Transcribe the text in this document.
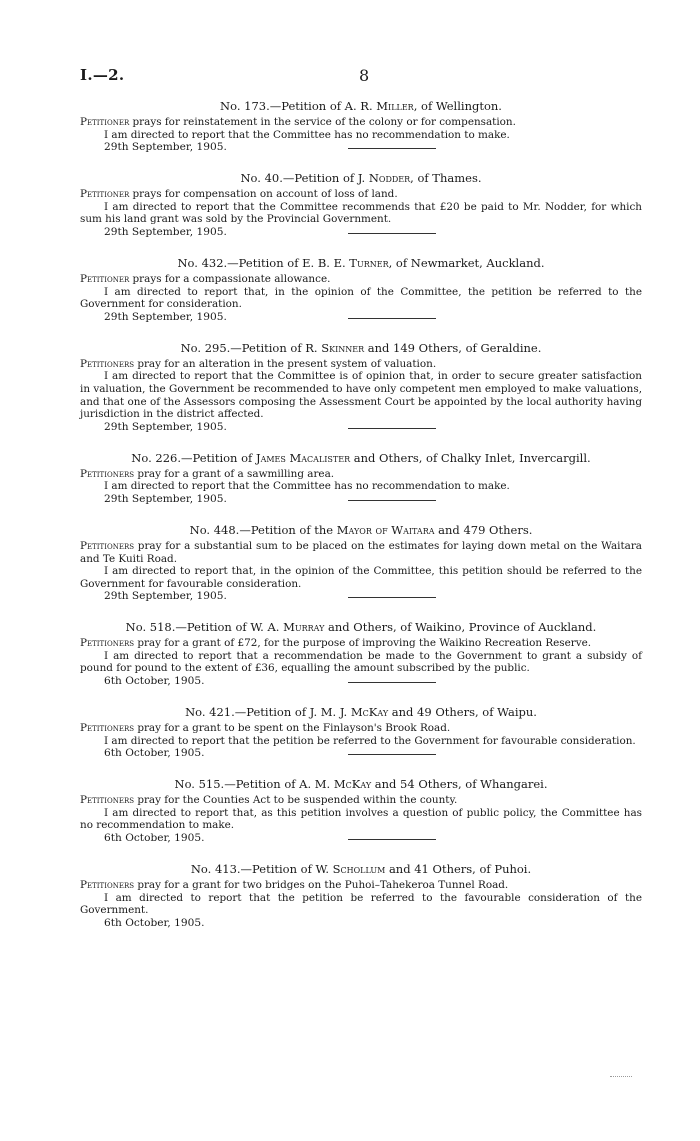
I.—2.	8
No. 173.—Petition of A. R. Miller, of Wellington.
Petitioner prays for reinstatement in the service of the colony or for compensation.
I am directed to report that the Committee has no recommendation to make.
29th September, 1905.
No. 40.—Petition of J. Nodder, of Thames.
Petitioner prays for compensation on account of loss of land.
I am directed to report that the Committee recommends that £20 be paid to Mr. Nodder, for which sum his land grant was sold by the Provincial Government.
29th September, 1905.
No. 432.—Petition of E. B. E. Turner, of Newmarket, Auckland.
Petitioner prays for a compassionate allowance.
I am directed to report that, in the opinion of the Committee, the petition be referred to the Government for consideration.
29th September, 1905.
No. 295.—Petition of R. Skinner and 149 Others, of Geraldine.
Petitioners pray for an alteration in the present system of valuation.
I am directed to report that the Committee is of opinion that, in order to secure greater satisfaction in valuation, the Government be recommended to have only competent men employed to make valuations, and that one of the Assessors composing the Assessment Court be appointed by the local authority having jurisdiction in the district affected.
29th September, 1905.
No. 226.—Petition of James Macalister and Others, of Chalky Inlet, Invercargill.
Petitioners pray for a grant of a sawmilling area.
I am directed to report that the Committee has no recommendation to make.
29th September, 1905.
No. 448.—Petition of the Mayor of Waitara and 479 Others.
Petitioners pray for a substantial sum to be placed on the estimates for laying down metal on the Waitara and Te Kuiti Road.
I am directed to report that, in the opinion of the Committee, this petition should be referred to the Government for favourable consideration.
29th September, 1905.
No. 518.—Petition of W. A. Murray and Others, of Waikino, Province of Auckland.
Petitioners pray for a grant of £72, for the purpose of improving the Waikino Recreation Reserve.
I am directed to report that a recommendation be made to the Government to grant a subsidy of pound for pound to the extent of £36, equalling the amount subscribed by the public.
6th October, 1905.
No. 421.—Petition of J. M. J. McKay and 49 Others, of Waipu.
Petitioners pray for a grant to be spent on the Finlayson's Brook Road.
I am directed to report that the petition be referred to the Government for favourable consideration.
6th October, 1905.
No. 515.—Petition of A. M. McKay and 54 Others, of Whangarei.
Petitioners pray for the Counties Act to be suspended within the county.
I am directed to report that, as this petition involves a question of public policy, the Committee has no recommendation to make.
6th October, 1905.
No. 413.—Petition of W. Schollum and 41 Others, of Puhoi.
Petitioners pray for a grant for two bridges on the Puhoi–Tahekeroa Tunnel Road.
I am directed to report that the petition be referred to the favourable consideration of the Government.
6th October, 1905.
